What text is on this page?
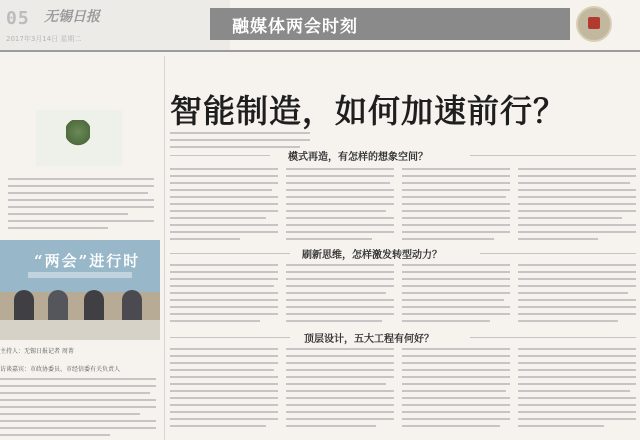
05 无锡日报
2017年3月14日 星期二
融媒体两会时刻
智能制造，如何加速前行？
“两会”进行时
主持人：无锡日报记者 周菁
访谈嘉宾：市政协委员、市经信委有关负责人
模式再造，有怎样的想象空间？
刷新思维，怎样激发转型动力？
顶层设计，五大工程有何好？
